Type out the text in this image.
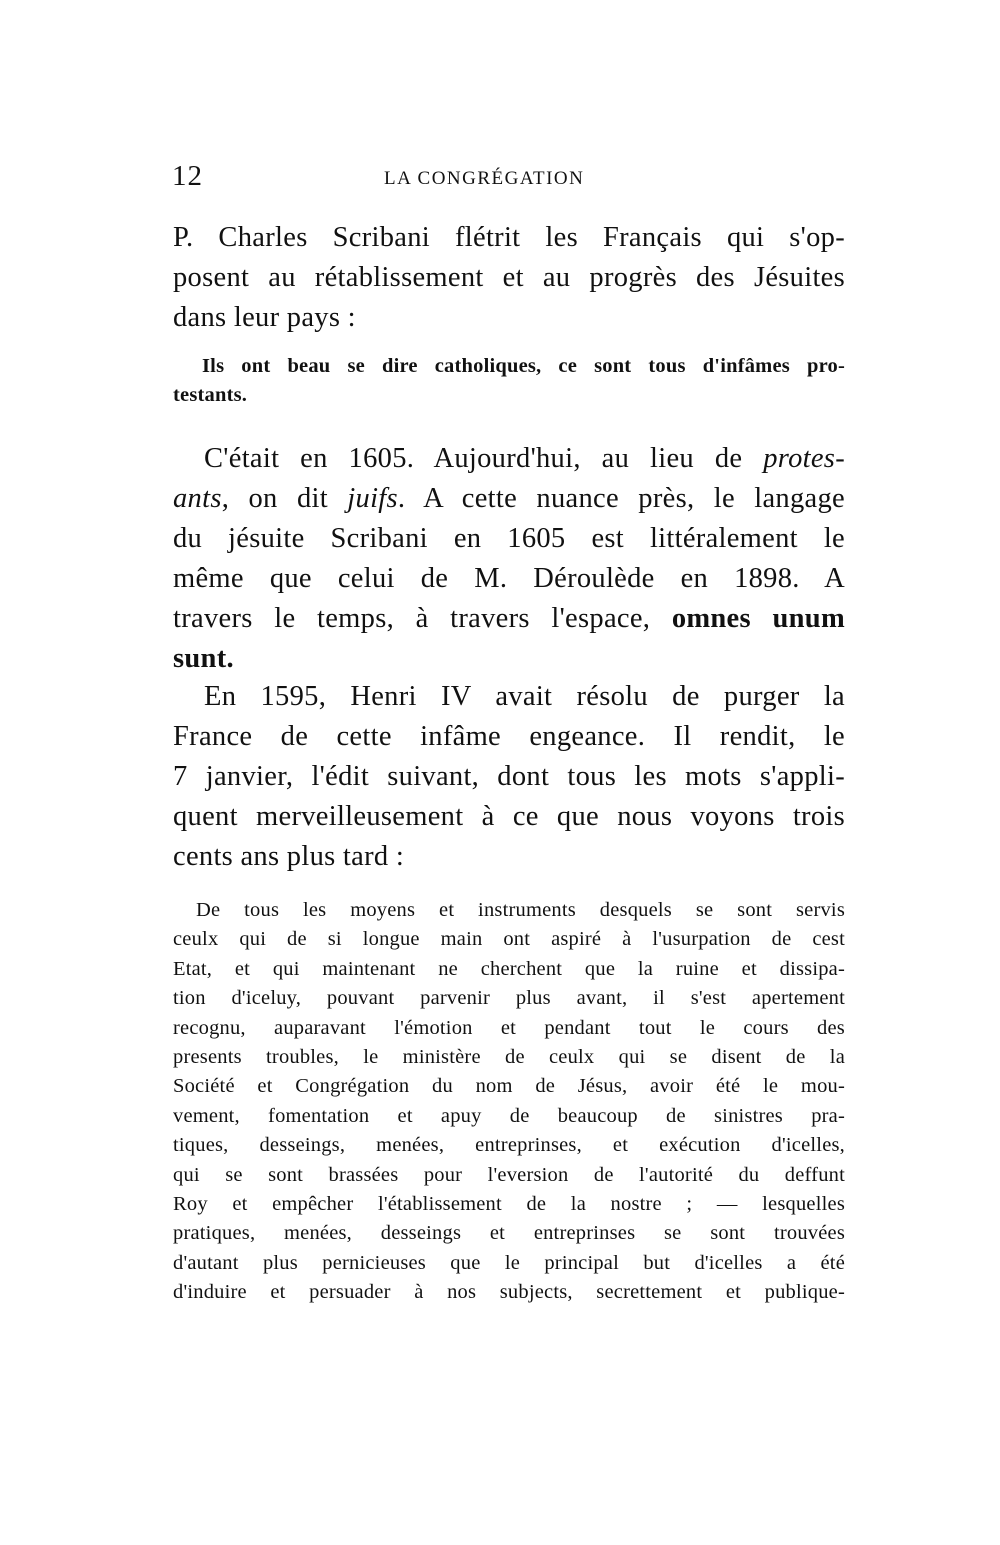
12	LA CONGRÉGATION
P. Charles Scribani flétrit les Français qui s'op-
posent au rétablissement et au progrès des Jésuites
dans leur pays :
Ils ont beau se dire catholiques, ce sont tous d'infâmes pro-
testants.
C'était en 1605. Aujourd'hui, au lieu de protes-
ants, on dit juifs. A cette nuance près, le langage
du jésuite Scribani en 1605 est littéralement le
même que celui de M. Déroulède en 1898. A
travers le temps, à travers l'espace, omnes unum
sunt.
En 1595, Henri IV avait résolu de purger la
France de cette infâme engeance. Il rendit, le
7 janvier, l'édit suivant, dont tous les mots s'appli-
quent merveilleusement à ce que nous voyons trois
cents ans plus tard :
De tous les moyens et instruments desquels se sont servis
ceulx qui de si longue main ont aspiré à l'usurpation de cest
Etat, et qui maintenant ne cherchent que la ruine et dissipa-
tion d'iceluy, pouvant parvenir plus avant, il s'est apertement
recognu, auparavant l'émotion et pendant tout le cours des
presents troubles, le ministère de ceulx qui se disent de la
Société et Congrégation du nom de Jésus, avoir été le mou-
vement, fomentation et apuy de beaucoup de sinistres pra-
tiques, desseings, menées, entreprinses, et exécution d'icelles,
qui se sont brassées pour l'eversion de l'autorité du deffunt
Roy et empêcher l'établissement de la nostre ; — lesquelles
pratiques, menées, desseings et entreprinses se sont trouvées
d'autant plus pernicieuses que le principal but d'icelles a été
d'induire et persuader à nos subjects, secrettement et publique-
